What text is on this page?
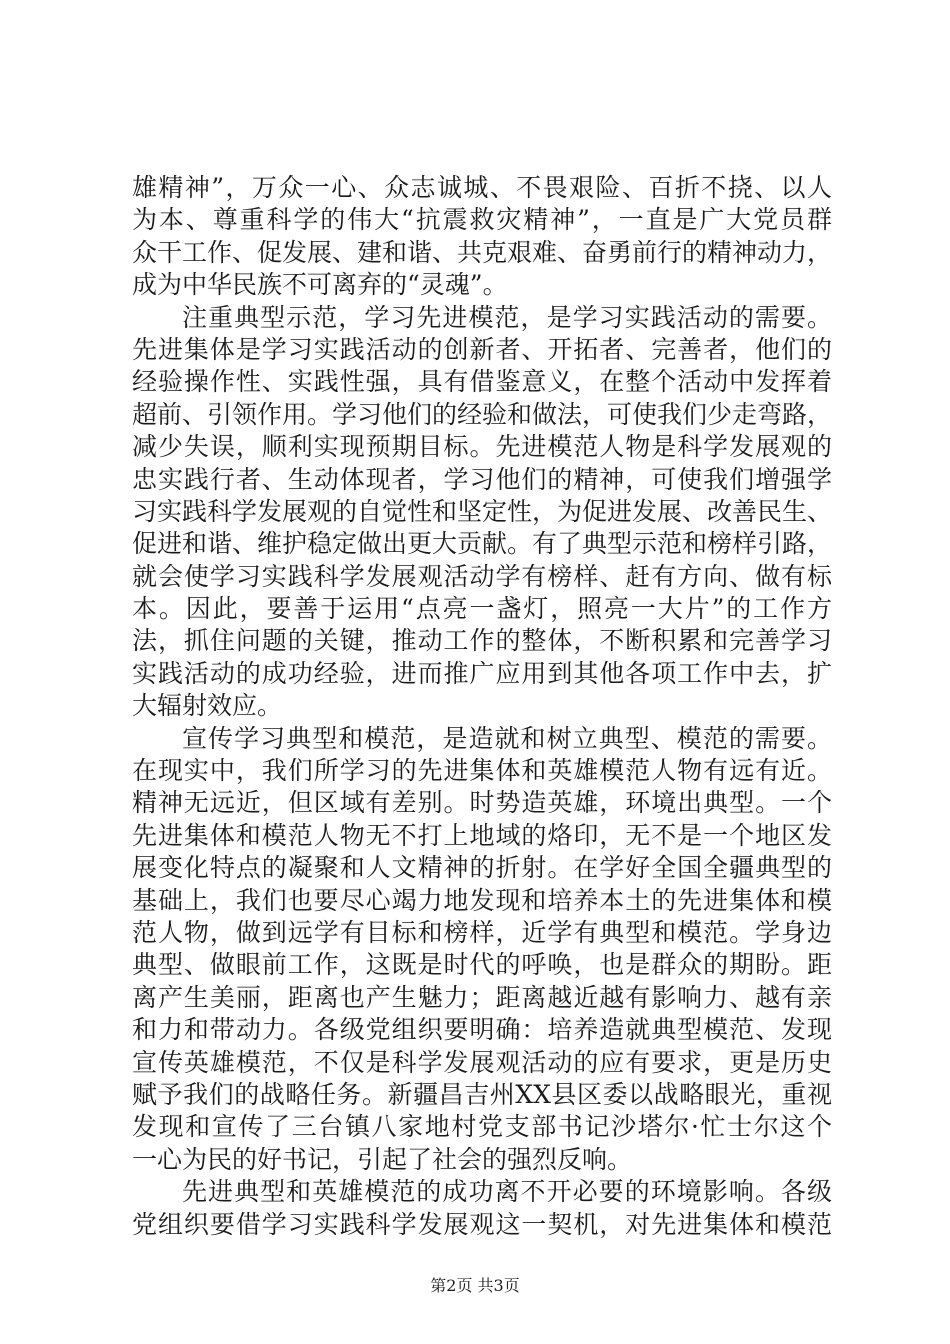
雄精神”，万众一心、众志诚城、不畏艰险、百折不挠、以人
为本、尊重科学的伟大“抗震救灾精神”，一直是广大党员群
众干工作、促发展、建和谐、共克艰难、奋勇前行的精神动力，
成为中华民族不可离弃的“灵魂”。
注重典型示范，学习先进模范，是学习实践活动的需要。
先进集体是学习实践活动的创新者、开拓者、完善者，他们的
经验操作性、实践性强，具有借鉴意义，在整个活动中发挥着
超前、引领作用。学习他们的经验和做法，可使我们少走弯路，
减少失误，顺利实现预期目标。先进模范人物是科学发展观的
忠实践行者、生动体现者，学习他们的精神，可使我们增强学
习实践科学发展观的自觉性和坚定性，为促进发展、改善民生、
促进和谐、维护稳定做出更大贡献。有了典型示范和榜样引路，
就会使学习实践科学发展观活动学有榜样、赶有方向、做有标
本。因此，要善于运用“点亮一盏灯，照亮一大片”的工作方
法，抓住问题的关键，推动工作的整体，不断积累和完善学习
实践活动的成功经验，进而推广应用到其他各项工作中去，扩
大辐射效应。
宣传学习典型和模范，是造就和树立典型、模范的需要。
在现实中，我们所学习的先进集体和英雄模范人物有远有近。
精神无远近，但区域有差别。时势造英雄，环境出典型。一个
先进集体和模范人物无不打上地域的烙印，无不是一个地区发
展变化特点的凝聚和人文精神的折射。在学好全国全疆典型的
基础上，我们也要尽心竭力地发现和培养本土的先进集体和模
范人物，做到远学有目标和榜样，近学有典型和模范。学身边
典型、做眼前工作，这既是时代的呼唤，也是群众的期盼。距
离产生美丽，距离也产生魅力；距离越近越有影响力、越有亲
和力和带动力。各级党组织要明确：培养造就典型模范、发现
宣传英雄模范，不仅是科学发展观活动的应有要求，更是历史
赋予我们的战略任务。新疆昌吉州XX县区委以战略眼光，重视
发现和宣传了三台镇八家地村党支部书记沙塔尔·忙士尔这个
一心为民的好书记，引起了社会的强烈反响。
先进典型和英雄模范的成功离不开必要的环境影响。各级
党组织要借学习实践科学发展观这一契机，对先进集体和模范
第2页 共3页
